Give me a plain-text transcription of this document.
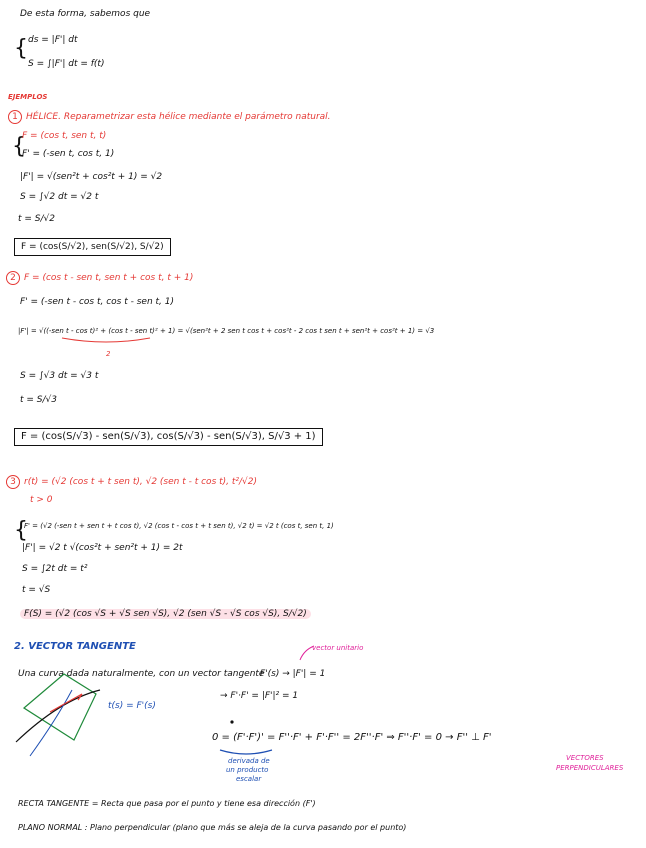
De esta forma, sabemos que
{ ds = |F'| dt
S = ∫|F'| dt = f(t)
EJEMPLOS
1 HÉLICE. Reparametrizar esta hélice mediante el parámetro natural.
{
F = (cos t, sen t, t)
F' = (-sen t, cos t, 1)
|F'| = √(sen²t + cos²t + 1) = √2
S = ∫√2 dt = √2 t
t = S/√2
F = (cos(S/√2), sen(S/√2), S/√2)
2 F = (cos t - sen t, sen t + cos t, t + 1)
F' = (-sen t - cos t, cos t - sen t, 1)
|F'| = √((-sen t - cos t)² + (cos t - sen t)² + 1) = √(sen²t + 2 sen t cos t + cos²t - 2 cos t sen t + sen²t + cos²t + 1) = √3
2
S = ∫√3 dt = √3 t
t = S/√3
F = (cos(S/√3) - sen(S/√3), cos(S/√3) - sen(S/√3), S/√3 + 1)
3 r(t) = (√2 (cos t + t sen t), √2 (sen t - t cos t), t²/√2)
t > 0
{
F' = (√2 (-sen t + sen t + t cos t), √2 (cos t - cos t + t sen t), √2 t) = √2 t (cos t, sen t, 1)
|F'| = √2 t √(cos²t + sen²t + 1) = 2t
S = ∫2t dt = t²
t = √S
F(S) = (√2 (cos √S + √S sen √S), √2 (sen √S - √S cos √S), S/√2)
2. VECTOR TANGENTE	vector unitario
Una curva dada naturalmente, con un vector tangente
F'(s) → |F'| = 1
→ F'·F' = |F'|² = 1
t(s) = F'(s)
0 = (F'·F')' = F''·F' + F'·F'' = 2F''·F' ⇒ F''·F' = 0 → F'' ⊥ F'
derivada de
un producto
escalar
VECTORES
PERPENDICULARES
RECTA TANGENTE = Recta que pasa por el punto y tiene esa dirección (F')
PLANO NORMAL : Plano perpendicular (plano que más se aleja de la curva pasando por el punto)
